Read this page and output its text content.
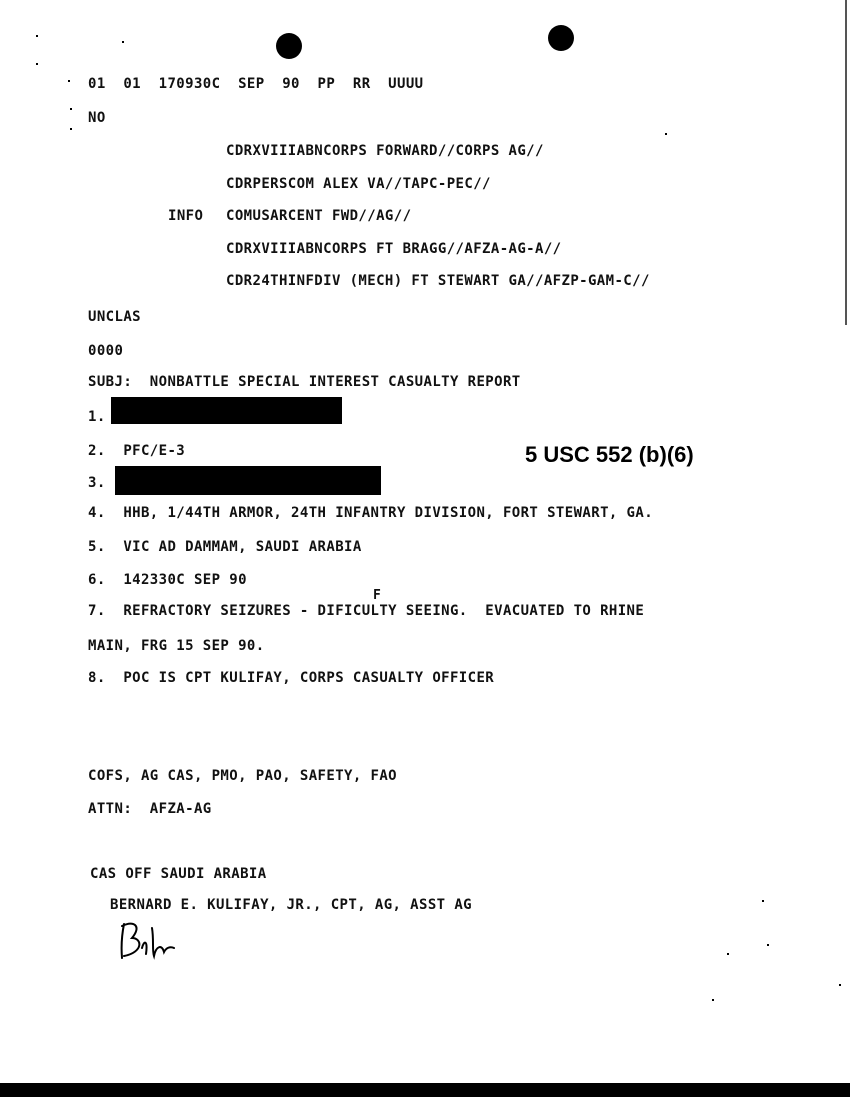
01  01  170930C  SEP  90  PP  RR  UUUU
NO
CDRXVIIIABNCORPS FORWARD//CORPS AG//
CDRPERSCOM ALEX VA//TAPC-PEC//
INFO COMUSARCENT FWD//AG//
CDRXVIIIABNCORPS FT BRAGG//AFZA-AG-A//
CDR24THINFDIV (MECH) FT STEWART GA//AFZP-GAM-C//
UNCLAS
0000
SUBJ:  NONBATTLE SPECIAL INTEREST CASUALTY REPORT
1.
2.  PFC/E-3	5 USC 552 (b)(6)
3.
4.  HHB, 1/44TH ARMOR, 24TH INFANTRY DIVISION, FORT STEWART, GA.
5.  VIC AD DAMMAM, SAUDI ARABIA
6.  142330C SEP 90
F
7.  REFRACTORY SEIZURES - DIFICULTY SEEING.  EVACUATED TO RHINE
MAIN, FRG 15 SEP 90.
8.  POC IS CPT KULIFAY, CORPS CASUALTY OFFICER
COFS, AG CAS, PMO, PAO, SAFETY, FAO
ATTN:  AFZA-AG
CAS OFF SAUDI ARABIA
BERNARD E. KULIFAY, JR., CPT, AG, ASST AG
